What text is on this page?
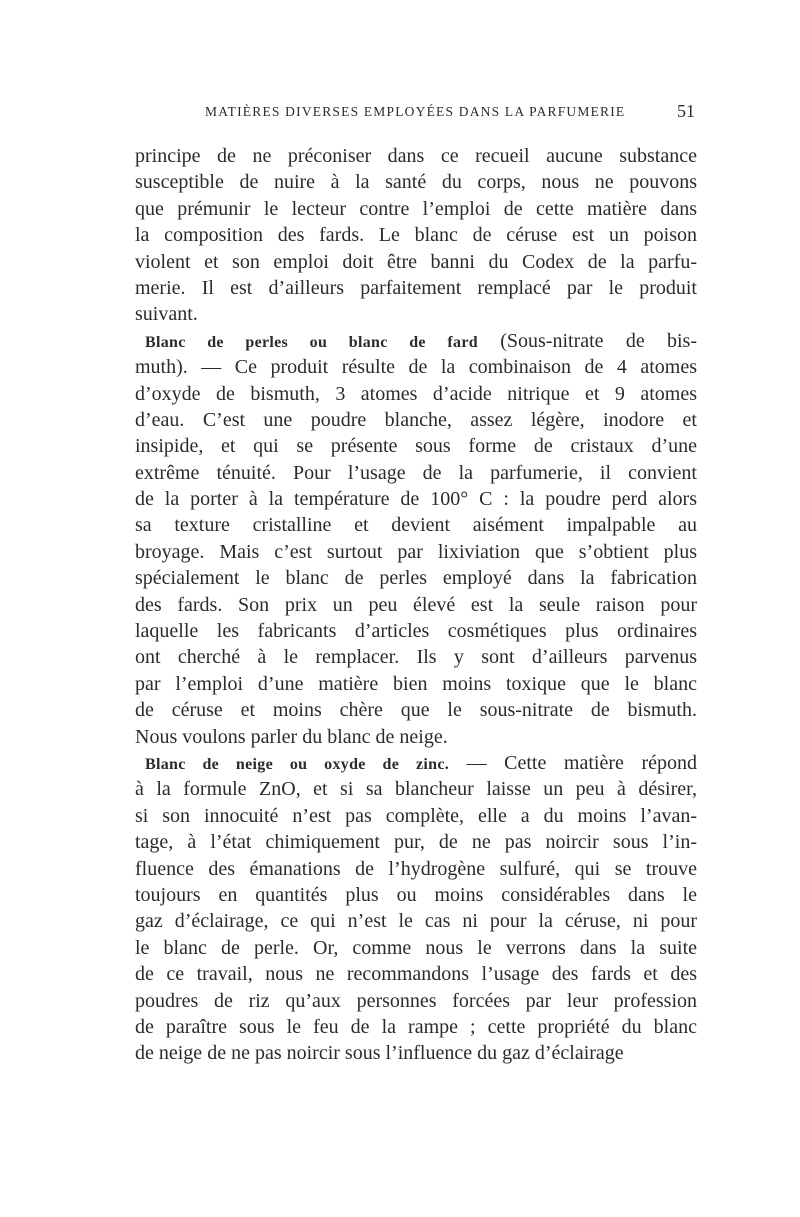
MATIÈRES DIVERSES EMPLOYÉES DANS LA PARFUMERIE	51
principe de ne préconiser dans ce recueil aucune substance
susceptible de nuire à la santé du corps, nous ne pouvons
que prémunir le lecteur contre l’emploi de cette matière dans
la composition des fards. Le blanc de céruse est un poison
violent et son emploi doit être banni du Codex de la parfu-
merie. Il est d’ailleurs parfaitement remplacé par le produit
suivant.
Blanc de perles ou blanc de fard (Sous-nitrate de bis-
muth). — Ce produit résulte de la combinaison de 4 atomes
d’oxyde de bismuth, 3 atomes d’acide nitrique et 9 atomes
d’eau. C’est une poudre blanche, assez légère, inodore et
insipide, et qui se présente sous forme de cristaux d’une
extrême ténuité. Pour l’usage de la parfumerie, il convient
de la porter à la température de 100° C : la poudre perd alors
sa texture cristalline et devient aisément impalpable au
broyage. Mais c’est surtout par lixiviation que s’obtient plus
spécialement le blanc de perles employé dans la fabrication
des fards. Son prix un peu élevé est la seule raison pour
laquelle les fabricants d’articles cosmétiques plus ordinaires
ont cherché à le remplacer. Ils y sont d’ailleurs parvenus
par l’emploi d’une matière bien moins toxique que le blanc
de céruse et moins chère que le sous-nitrate de bismuth.
Nous voulons parler du blanc de neige.
Blanc de neige ou oxyde de zinc. — Cette matière répond
à la formule ZnO, et si sa blancheur laisse un peu à désirer,
si son innocuité n’est pas complète, elle a du moins l’avan-
tage, à l’état chimiquement pur, de ne pas noircir sous l’in-
fluence des émanations de l’hydrogène sulfuré, qui se trouve
toujours en quantités plus ou moins considérables dans le
gaz d’éclairage, ce qui n’est le cas ni pour la céruse, ni pour
le blanc de perle. Or, comme nous le verrons dans la suite
de ce travail, nous ne recommandons l’usage des fards et des
poudres de riz qu’aux personnes forcées par leur profession
de paraître sous le feu de la rampe ; cette propriété du blanc
de neige de ne pas noircir sous l’influence du gaz d’éclairage
